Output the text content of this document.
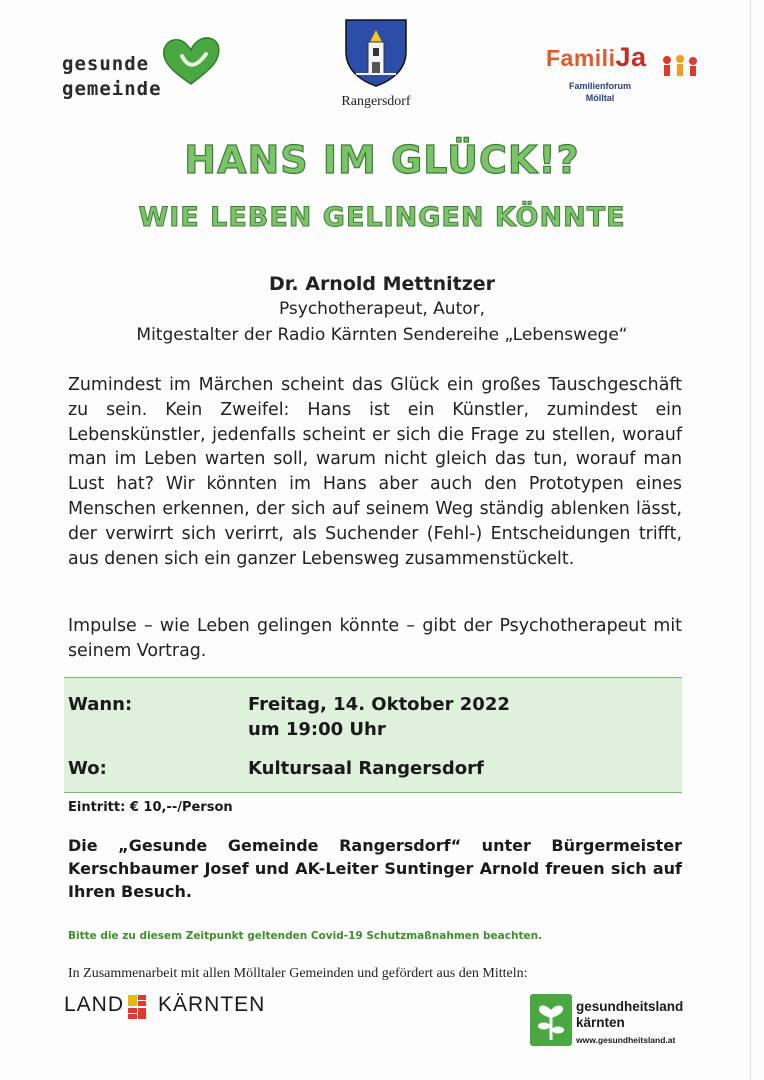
gesunde
gemeinde
Rangersdorf
FamiliJa
Familienforum
Mölltal
HANS IM GLÜCK!?
WIE LEBEN GELINGEN KÖNNTE
Dr. Arnold Mettnitzer
Psychotherapeut, Autor,
Mitgestalter der Radio Kärnten Sendereihe „Lebenswege“
Zumindest im Märchen scheint das Glück ein großes Tauschgeschäft zu sein. Kein Zweifel: Hans ist ein Künstler, zumindest ein Lebenskünstler, jedenfalls scheint er sich die Frage zu stellen, worauf man im Leben warten soll, warum nicht gleich das tun, worauf man Lust hat? Wir könnten im Hans aber auch den Prototypen eines Menschen erkennen, der sich auf seinem Weg ständig ablenken lässt, der verwirrt sich verirrt, als Suchender (Fehl-) Entscheidungen trifft, aus denen sich ein ganzer Lebensweg zusammenstückelt.
Impulse – wie Leben gelingen könnte – gibt der Psychotherapeut mit seinem Vortrag.
Wann:	Freitag, 14. Oktober 2022
um 19:00 Uhr
Wo:	Kultursaal Rangersdorf
Eintritt: € 10,--/Person
Die „Gesunde Gemeinde Rangersdorf“ unter Bürgermeister Kerschbaumer Josef und AK-Leiter Suntinger Arnold freuen sich auf Ihren Besuch.
Bitte die zu diesem Zeitpunkt geltenden Covid-19 Schutzmaßnahmen beachten.
In Zusammenarbeit mit allen Mölltaler Gemeinden und gefördert aus den Mitteln:
LAND KÄRNTEN	gesundheitsland
kärnten
www.gesundheitsland.at
